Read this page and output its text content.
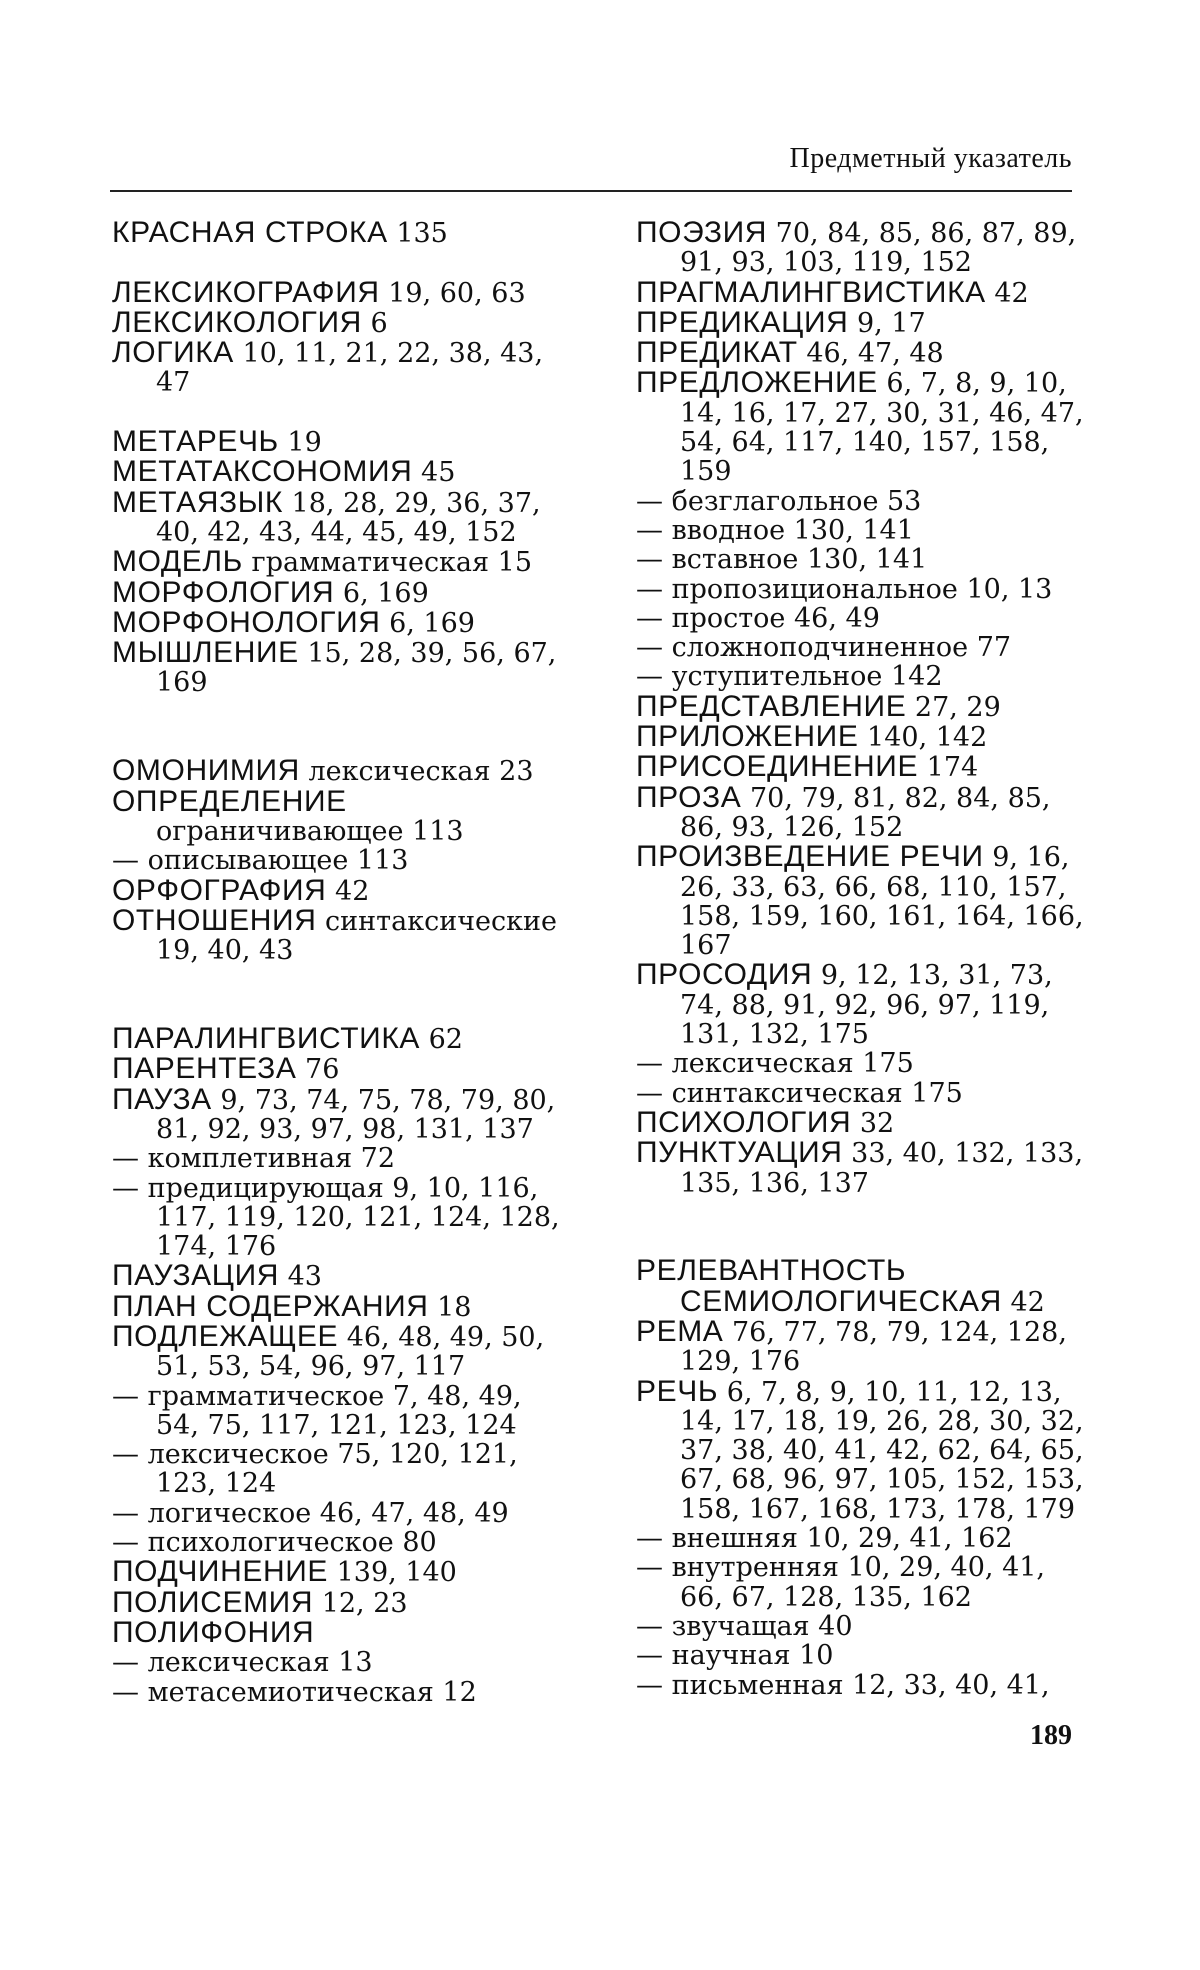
Предметный указатель

КРАСНАЯ СТРОКА 135

ЛЕКСИКОГРАФИЯ 19, 60, 63

ЛЕКСИКОЛОГИЯ 6

ЛОГИКА 10, 11, 21, 22, 38, 43, 47

МЕТАРЕЧЬ 19

МЕТАТАКСОНОМИЯ 45

МЕТАЯЗЫК 18, 28, 29, 36, 37, 40, 42, 43, 44, 45, 49, 152

МОДЕЛЬ грамматическая 15

МОРФОЛОГИЯ 6, 169

МОРФОНОЛОГИЯ 6, 169

МЫШЛЕНИЕ 15, 28, 39, 56, 67, 169

ОМОНИМИЯ лексическая 23

ОПРЕДЕЛЕНИЕ ограничивающее 113

— описывающее 113

ОРФОГРАФИЯ 42

ОТНОШЕНИЯ синтаксические 19, 40, 43

ПАРАЛИНГВИСТИКА 62

ПАРЕНТЕЗА 76

ПАУЗА 9, 73, 74, 75, 78, 79, 80, 81, 92, 93, 97, 98, 131, 137

— комплетивная 72

— предицирующая 9, 10, 116, 117, 119, 120, 121, 124, 128, 174, 176

ПАУЗАЦИЯ 43

ПЛАН СОДЕРЖАНИЯ 18

ПОДЛЕЖАЩЕЕ 46, 48, 49, 50, 51, 53, 54, 96, 97, 117

— грамматическое 7, 48, 49, 54, 75, 117, 121, 123, 124

— лексическое 75, 120, 121, 123, 124

— логическое 46, 47, 48, 49

— психологическое 80

ПОДЧИНЕНИЕ 139, 140

ПОЛИСЕМИЯ 12, 23

ПОЛИФОНИЯ

— лексическая 13

— метасемиотическая 12

ПОЭЗИЯ 70, 84, 85, 86, 87, 89, 91, 93, 103, 119, 152

ПРАГМАЛИНГВИСТИКА 42

ПРЕДИКАЦИЯ 9, 17

ПРЕДИКАТ 46, 47, 48

ПРЕДЛОЖЕНИЕ 6, 7, 8, 9, 10, 14, 16, 17, 27, 30, 31, 46, 47, 54, 64, 117, 140, 157, 158, 159

— безглагольное 53

— вводное 130, 141

— вставное 130, 141

— пропозициональное 10, 13

— простое 46, 49

— сложноподчиненное 77

— уступительное 142

ПРЕДСТАВЛЕНИЕ 27, 29

ПРИЛОЖЕНИЕ 140, 142

ПРИСОЕДИНЕНИЕ 174

ПРОЗА 70, 79, 81, 82, 84, 85, 86, 93, 126, 152

ПРОИЗВЕДЕНИЕ РЕЧИ 9, 16, 26, 33, 63, 66, 68, 110, 157, 158, 159, 160, 161, 164, 166, 167

ПРОСОДИЯ 9, 12, 13, 31, 73, 74, 88, 91, 92, 96, 97, 119, 131, 132, 175

— лексическая 175

— синтаксическая 175

ПСИХОЛОГИЯ 32

ПУНКТУАЦИЯ 33, 40, 132, 133, 135, 136, 137

РЕЛЕВАНТНОСТЬ СЕМИОЛОГИЧЕСКАЯ 42

РЕМА 76, 77, 78, 79, 124, 128, 129, 176

РЕЧЬ 6, 7, 8, 9, 10, 11, 12, 13, 14, 17, 18, 19, 26, 28, 30, 32, 37, 38, 40, 41, 42, 62, 64, 65, 67, 68, 96, 97, 105, 152, 153, 158, 167, 168, 173, 178, 179

— внешняя 10, 29, 41, 162

— внутренняя 10, 29, 40, 41, 66, 67, 128, 135, 162

— звучащая 40

— научная 10

— письменная 12, 33, 40, 41,

189
